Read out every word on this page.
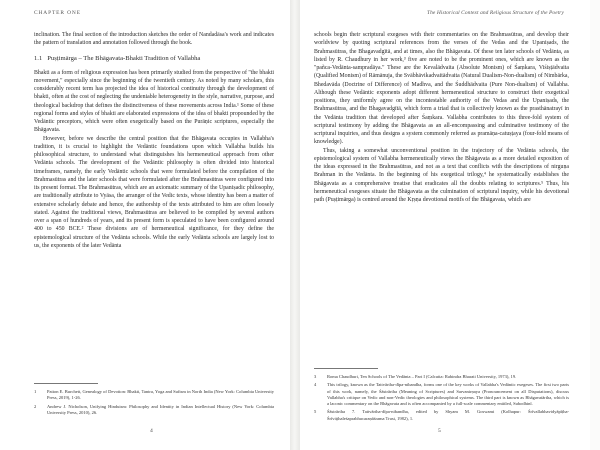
CHAPTER ONE

inclination. The final section of the introduction sketches the order of Nandadāsa's work and indicates the pattern of translation and annotation followed through the book.

1.1 Puṣṭimārga – The Bhāgavata-Bhakti Tradition of Vallabha

Bhakti as a form of religious expression has been primarily studied from the perspective of "the bhakti movement," especially since the beginning of the twentieth century. As noted by many scholars, this considerably recent term has projected the idea of historical continuity through the development of bhakti, often at the cost of neglecting the undeniable heterogeneity in the style, narrative, purpose, and theological backdrop that defines the distinctiveness of these movements across India.¹ Some of these regional forms and styles of bhakti are elaborated expressions of the idea of bhakti propounded by the Vedāntic preceptors, which were often exegetically based on the Purāṇic scriptures, especially the Bhāgavata.

However, before we describe the central position that the Bhāgavata occupies in Vallabha's tradition, it is crucial to highlight the Vedāntic foundations upon which Vallabha builds his philosophical structure, to understand what distinguishes his hermeneutical approach from other Vedānta schools. The development of the Vedāntic philosophy is often divided into historical timeframes, namely, the early Vedāntic schools that were formulated before the compilation of the Brahmasūtras and the later schools that were formulated after the Brahmasūtras were configured into its present format. The Brahmasūtras, which are an axiomatic summary of the Upaniṣadic philosophy, are traditionally attribute to Vyāsa, the arranger of the Vedic texts, whose identity has been a matter of extensive scholarly debate and hence, the authorship of the texts attributed to him are often loosely stated. Against the traditional views, Brahmasūtras are believed to be compiled by several authors over a span of hundreds of years, and its present form is speculated to have been configured around 400 to 450 BCE.² These divisions are of hermeneutical significance, for they define the epistemological structure of the Vedānta schools. While the early Vedānta schools are largely lost to us, the exponents of the later Vedānta

1	Patton E. Burchett, Genealogy of Devotion: Bhakti, Tantra, Yoga and Sufism in North India (New York: Columbia University Press, 2019), 1-26.
2	Andrew J. Nicholson, Unifying Hinduism: Philosophy and Identity in Indian Intellectual History (New York: Columbia University Press, 2010), 26.
4
The Historical Context and Religious Structure of the Poetry

schools begin their scriptural exegeses with their commentaries on the Brahmasūtras, and develop their worldview by quoting scriptural references from the verses of the Vedas and the Upaniṣads, the Brahmasūtras, the Bhagavadgītā, and at times, also the Bhāgavata. Of these ten later schools of Vedānta, as listed by R. Chaudhury in her work,³ five are noted to be the prominent ones, which are known as the "pañca-Vedānta-sampradāya." These are the Kevalādvaita (Absolute Monism) of Śaṃkara, Viśiṣṭādvaita (Qualified Monism) of Rāmānuja, the Svābhāvikadvaitādvaita (Natural Dualism-Non-dualism) of Nimbārka, Bhedavāda (Doctrine of Difference) of Madhva, and the Śuddhādvaita (Pure Non-dualism) of Vallabha. Although these Vedāntic exponents adopt different hermeneutical structure to construct their exegetical positions, they uniformly agree on the incontestable authority of the Vedas and the Upaniṣads, the Brahmasūtras, and the Bhagavadgītā, which form a triad that is collectively known as the prasthānatrayī in the Vedānta tradition that developed after Śaṃkara. Vallabha contributes to this three-fold system of scriptural testimony by adding the Bhāgavata as an all-encompassing and culminative testimony of the scriptural inquiries, and thus designs a system commonly referred as pramāṇa-catuṣṭaya (four-fold means of knowledge).

Thus, taking a somewhat unconventional position in the trajectory of the Vedānta schools, the epistemological system of Vallabha hermeneutically views the Bhāgavata as a more detailed exposition of the ideas expressed in the Brahmasūtras, and not as a text that conflicts with the descriptions of nirguṇa Brahman in the Vedānta. In the beginning of his exegetical trilogy,⁴ he systematically establishes the Bhāgavata as a comprehensive treatise that eradicates all the doubts relating to scriptures.⁵ Thus, his hermeneutical exegeses situate the Bhāgavata as the culmination of scriptural inquiry, while his devotional path (Puṣṭimārga) is centred around the Kṛṣṇa devotional motifs of the Bhāgavata, which are

3	Roma Chaudhuri, Ten Schools of The Vedānta – Part I (Calcutta: Rabindra Bharati University, 1973), 19.
4	This trilogy, known as the Tattvārtha-dīpa-nibandha, forms one of the key works of Vallabha's Vedāntic exegeses. The first two parts of this work, namely, the Śāstrārtha (Meaning of Scriptures) and Sarvanirṇaya (Pronouncement on all Disputations), discuss Vallabha's critique on Vedic and non-Vedic theologies and philosophical systems. The third part is known as Bhāgavatārtha, which is a laconic commentary on the Bhāgavata and is often accompanied by a full-scale commentary entitled, Subodhinī.
5	Śāstrārtha 7. Tattvārtha-dīpa-nibandha, edited by Shyam M. Goswami (Kolhapur: Śrīvallabhavidyāpīṭha-Śrīviṭṭhaleśaprabhucaraṇāśrama Trust, 1982), 1.
5
